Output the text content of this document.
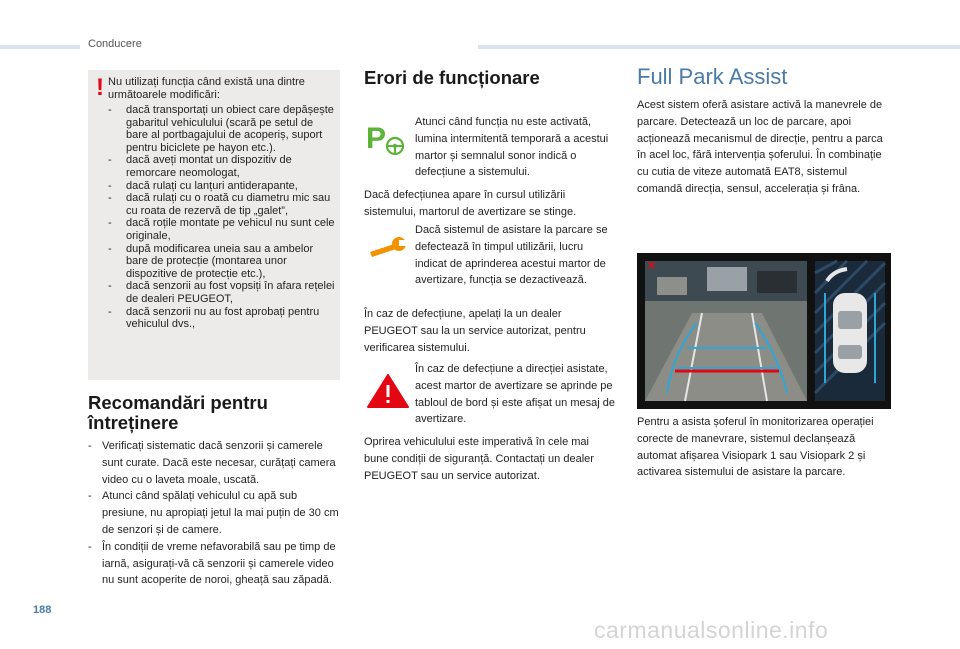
Conducere
! Nu utilizați funcția când există una dintre următoarele modificări:
- dacă transportați un obiect care depășește gabaritul vehiculului (scară pe setul de bare al portbagajului de acoperiș, suport pentru biciclete pe hayon etc.).
- dacă aveți montat un dispozitiv de remorcare neomologat,
- dacă rulați cu lanțuri antiderapante,
- dacă rulați cu o roată cu diametru mic sau cu roata de rezervă de tip „galet”,
- dacă roțile montate pe vehicul nu sunt cele originale,
- după modificarea uneia sau a ambelor bare de protecție (montarea unor dispozitive de protecție etc.),
- dacă senzorii au fost vopsiți în afara rețelei de dealeri PEUGEOT,
- dacă senzorii nu au fost aprobați pentru vehiculul dvs.,
Recomandări pentru întreținere
- Verificați sistematic dacă senzorii și camerele sunt curate. Dacă este necesar, curățați camera video cu o laveta moale, uscată.
- Atunci când spălați vehiculul cu apă sub presiune, nu apropiați jetul la mai puțin de 30 cm de senzori și de camere.
- În condiții de vreme nefavorabilă sau pe timp de iarnă, asigurați-vă că senzorii și camerele video nu sunt acoperite de noroi, gheață sau zăpadă.
Erori de funcționare
P	Atunci când funcția nu este activată, lumina intermitentă temporară a acestui martor și semnalul sonor indică o defecțiune a sistemului.
Dacă defecțiunea apare în cursul utilizării sistemului, martorul de avertizare se stinge.
Dacă sistemul de asistare la parcare se defectează în timpul utilizării, lucru indicat de aprinderea acestui martor de avertizare, funcția se dezactivează.
În caz de defecțiune, apelați la un dealer PEUGEOT sau la un service autorizat, pentru verificarea sistemului.
În caz de defecțiune a direcției asistate, acest martor de avertizare se aprinde pe tabloul de bord și este afișat un mesaj de avertizare.
Oprirea vehiculului este imperativă în cele mai bune condiții de siguranță. Contactați un dealer PEUGEOT sau un service autorizat.
Full Park Assist
Acest sistem oferă asistare activă la manevrele de parcare. Detectează un loc de parcare, apoi acționează mecanismul de direcție, pentru a parca în acel loc, fără intervenția șoferului. În combinație cu cutia de viteze automată EAT8, sistemul comandă direcția, sensul, accelerația și frâna.
✕
Pentru a asista șoferul în monitorizarea operației corecte de manevrare, sistemul declanșează automat afișarea Visiopark 1 sau Visiopark 2 și activarea sistemului de asistare la parcare.
188
carmanualsonline.info
